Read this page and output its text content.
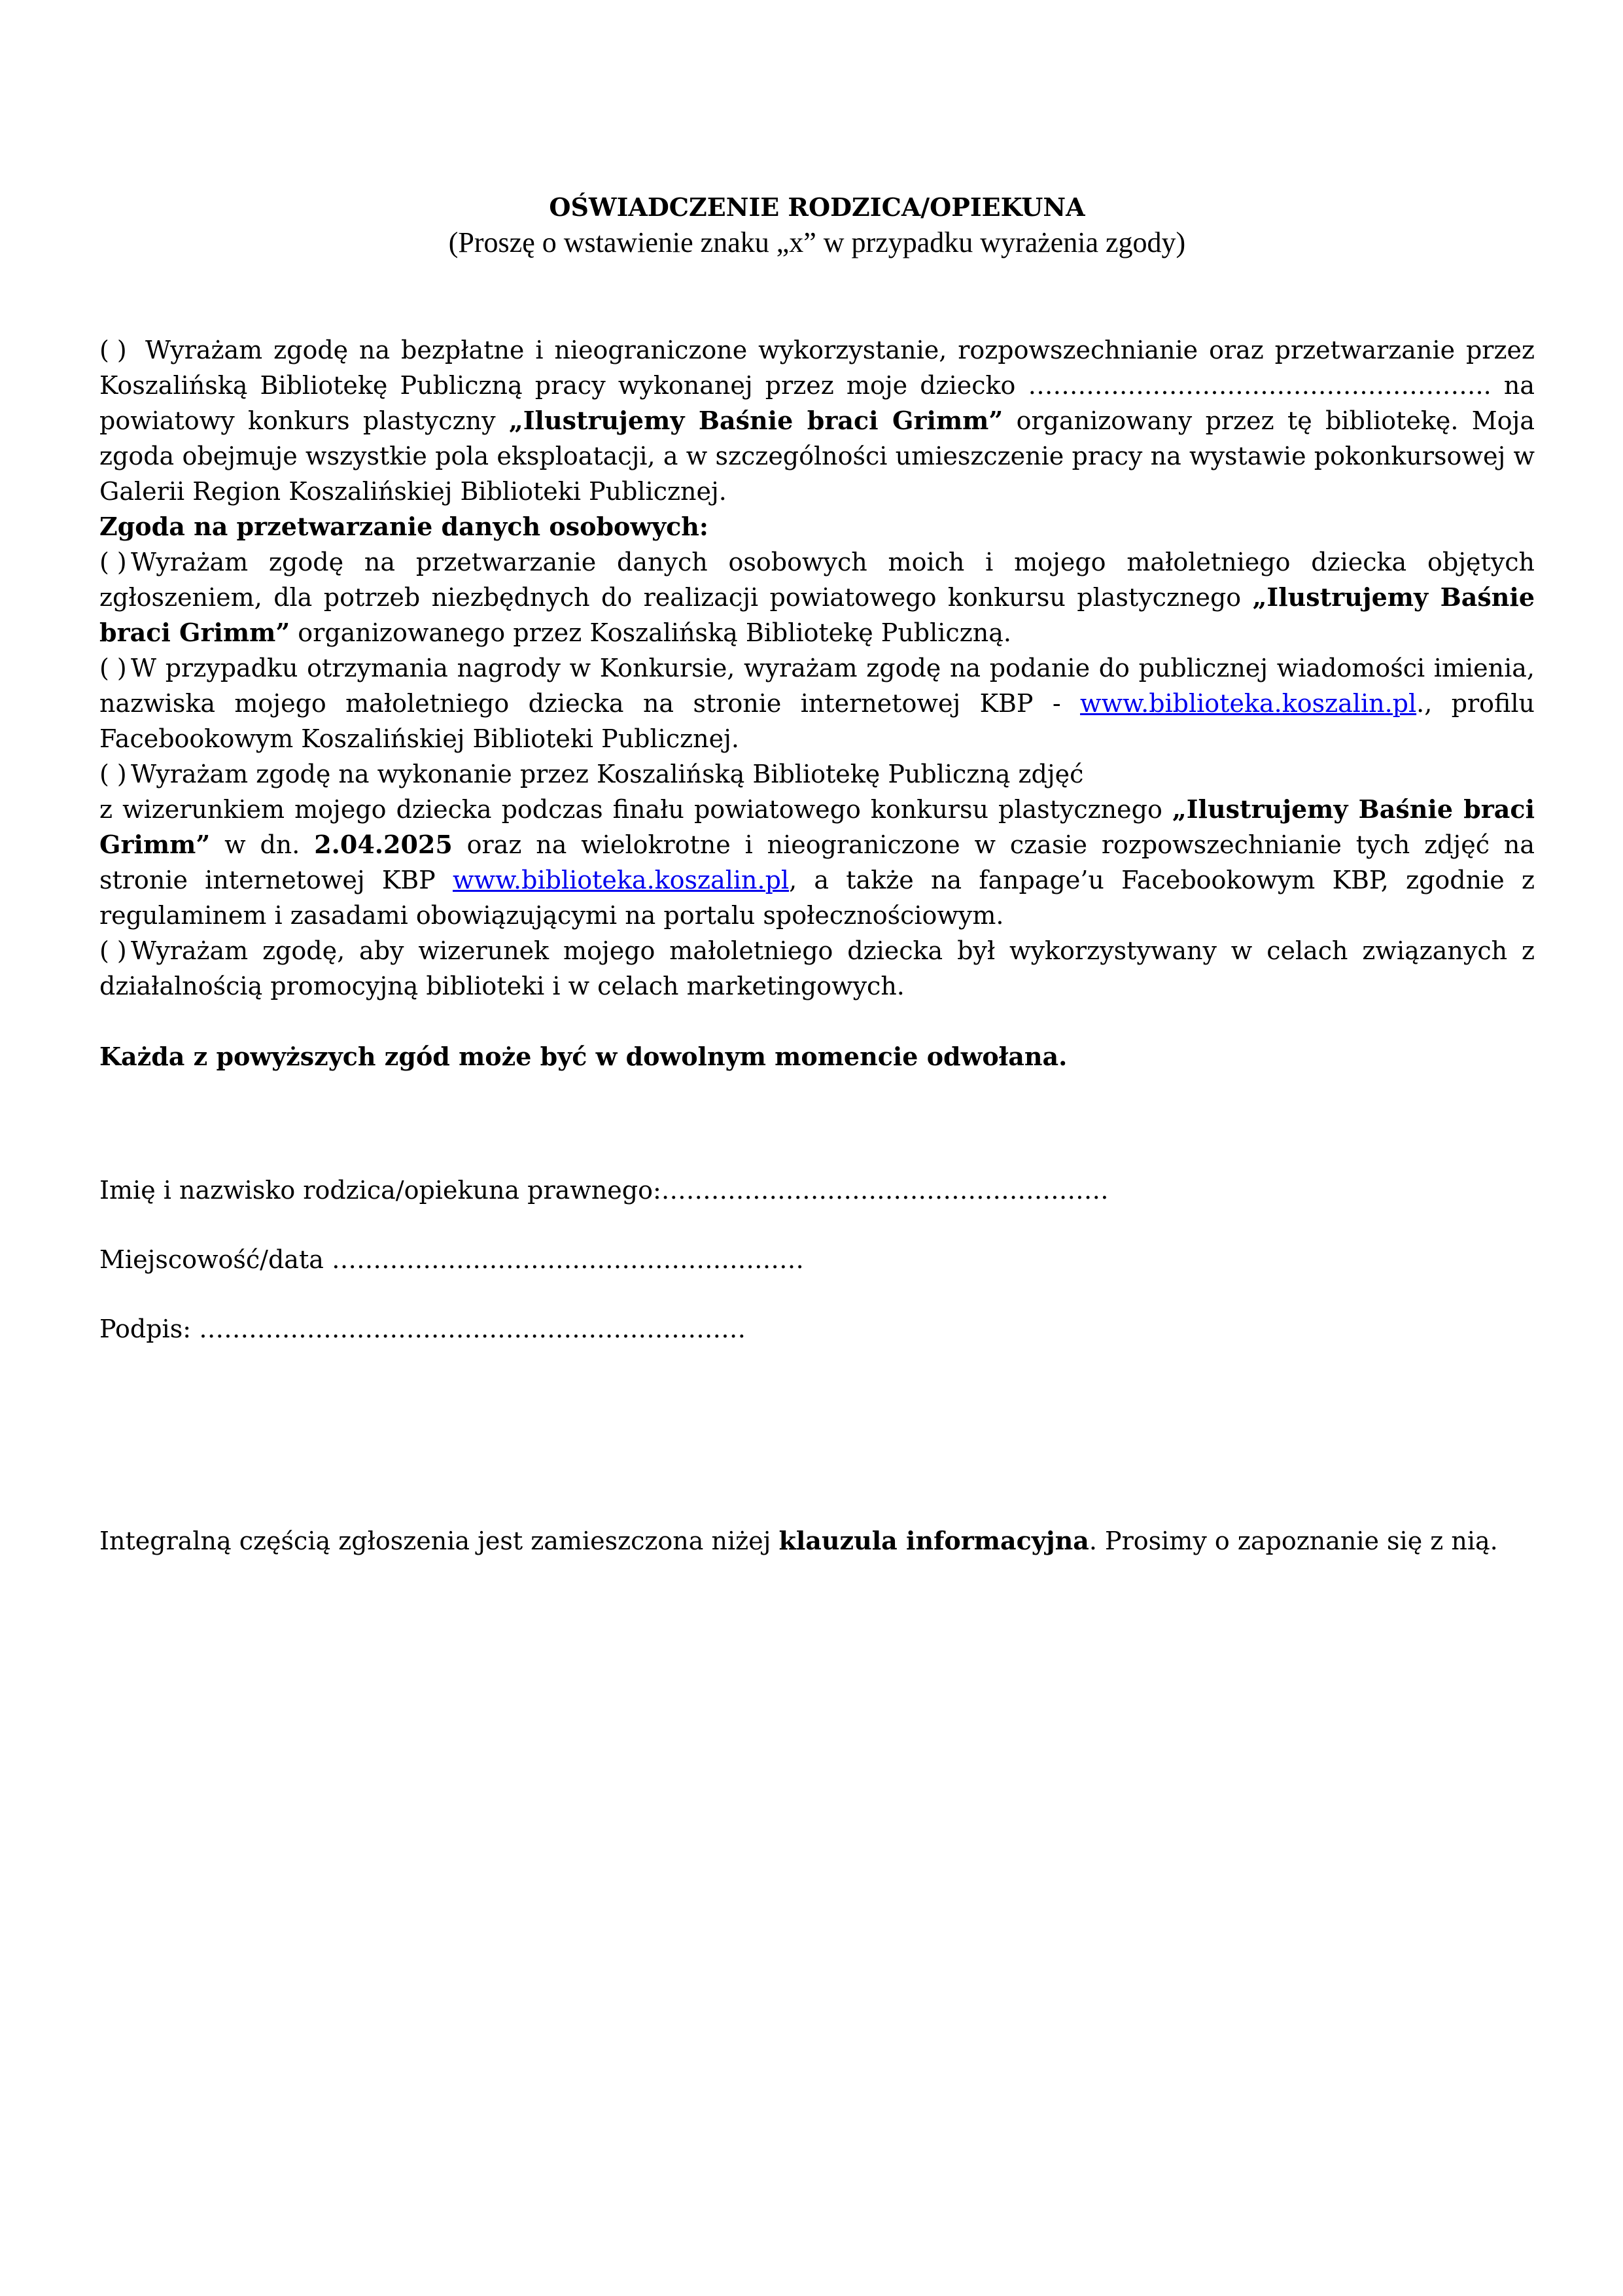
OŚWIADCZENIE RODZICA/OPIEKUNA

(Proszę o wstawienie znaku „x” w przypadku wyrażenia zgody)

( ) Wyrażam zgodę na bezpłatne i nieograniczone wykorzystanie, rozpowszechnianie oraz przetwarzanie przez Koszalińską Bibliotekę Publiczną pracy wykonanej przez moje dziecko ……………………………………………….. na powiatowy konkurs plastyczny „Ilustrujemy Baśnie braci Grimm” organizowany przez tę bibliotekę. Moja zgoda obejmuje wszystkie pola eksploatacji, a w szczególności umieszczenie pracy na wystawie pokonkursowej w Galerii Region Koszalińskiej Biblioteki Publicznej.

Zgoda na przetwarzanie danych osobowych:

( ) Wyrażam zgodę na przetwarzanie danych osobowych moich i mojego małoletniego dziecka objętych zgłoszeniem, dla potrzeb niezbędnych do realizacji powiatowego konkursu plastycznego „Ilustrujemy Baśnie braci Grimm” organizowanego przez Koszalińską Bibliotekę Publiczną.

( ) W przypadku otrzymania nagrody w Konkursie, wyrażam zgodę na podanie do publicznej wiadomości imienia, nazwiska mojego małoletniego dziecka na stronie internetowej KBP - www.biblioteka.koszalin.pl., profilu Facebookowym Koszalińskiej Biblioteki Publicznej.

( ) Wyrażam zgodę na wykonanie przez Koszalińską Bibliotekę Publiczną zdjęć

z wizerunkiem mojego dziecka podczas finału powiatowego konkursu plastycznego „Ilustrujemy Baśnie braci Grimm” w dn. 2.04.2025 oraz na wielokrotne i nieograniczone w czasie rozpowszechnianie tych zdjęć na stronie internetowej KBP www.biblioteka.koszalin.pl, a także na fanpage’u Facebookowym KBP, zgodnie z regulaminem i zasadami obowiązującymi na portalu społecznościowym.

( ) Wyrażam zgodę, aby wizerunek mojego małoletniego dziecka był wykorzystywany w celach związanych z działalnością promocyjną biblioteki i w celach marketingowych.

Każda z powyższych zgód może być w dowolnym momencie odwołana.

Imię i nazwisko rodzica/opiekuna prawnego:………………………………………………

Miejscowość/data …………………………………………………

Podpis: …………………………………………………………

Integralną częścią zgłoszenia jest zamieszczona niżej klauzula informacyjna. Prosimy o zapoznanie się z nią.
